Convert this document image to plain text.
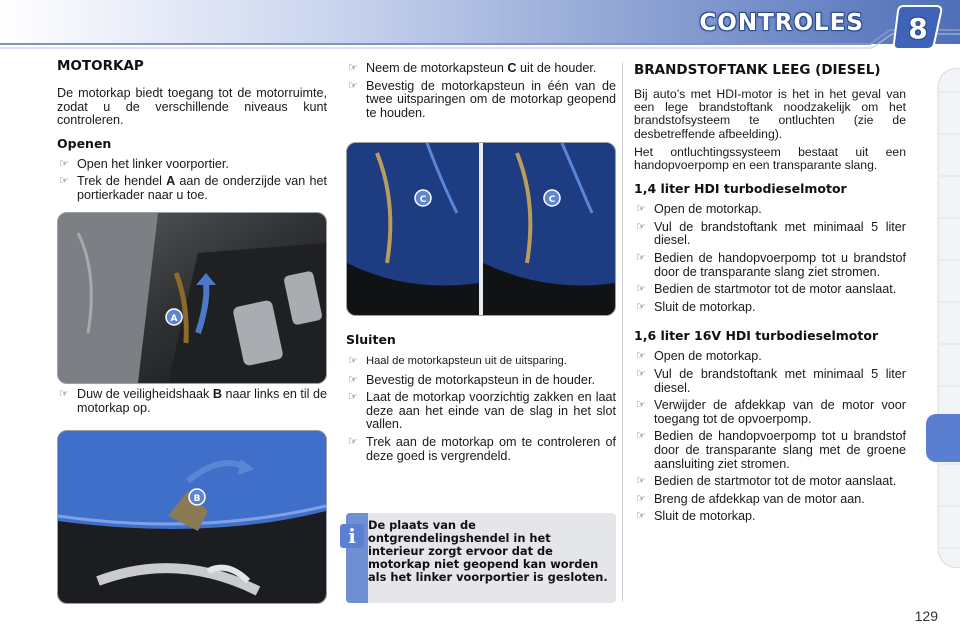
CONTROLES	8
MOTORKAP

De motorkap biedt toegang tot de motorruimte, zodat u de verschillende niveaus kunt controleren.

Openen

☞ Open het linker voorportier.

☞ Trek de hendel A aan de onderzijde van het portierkader naar u toe.

A

☞ Duw de veiligheidshaak B naar links en til de motorkap op.

B

☞ Neem de motorkapsteun C uit de houder.

☞ Bevestig de motorkapsteun in één van de twee uitsparingen om de motorkap geopend te houden.

C	C
Sluiten

☞ Haal de motorkapsteun uit de uitsparing.

☞ Bevestig de motorkapsteun in de houder.

☞ Laat de motorkap voorzichtig zakken en laat deze aan het einde van de slag in het slot vallen.

☞ Trek aan de motorkap om te controleren of deze goed is vergrendeld.

i	De plaats van de ontgrendelingshendel in het interieur zorgt ervoor dat de motorkap niet geopend kan worden als het linker voorportier is gesloten.
BRANDSTOFTANK LEEG (DIESEL)

Bij auto’s met HDI-motor is het in het geval van een lege brandstoftank noodzakelijk om het brandstofsysteem te ontluchten (zie de desbetreffende afbeelding).

Het ontluchtingssysteem bestaat uit een handopvoerpomp en een transparante slang.

1,4 liter HDI turbodieselmotor

☞ Open de motorkap.

☞ Vul de brandstoftank met minimaal 5 liter diesel.

☞ Bedien de handopvoerpomp tot u brandstof door de transparante slang ziet stromen.

☞ Bedien de startmotor tot de motor aanslaat.

☞ Sluit de motorkap.

1,6 liter 16V HDI turbodieselmotor

☞ Open de motorkap.

☞ Vul de brandstoftank met minimaal 5 liter diesel.

☞ Verwijder de afdekkap van de motor voor toegang tot de opvoerpomp.

☞ Bedien de handopvoerpomp tot u brandstof door de transparante slang met de groene aansluiting ziet stromen.

☞ Bedien de startmotor tot de motor aanslaat.

☞ Breng de afdekkap van de motor aan.

☞ Sluit de motorkap.

129
